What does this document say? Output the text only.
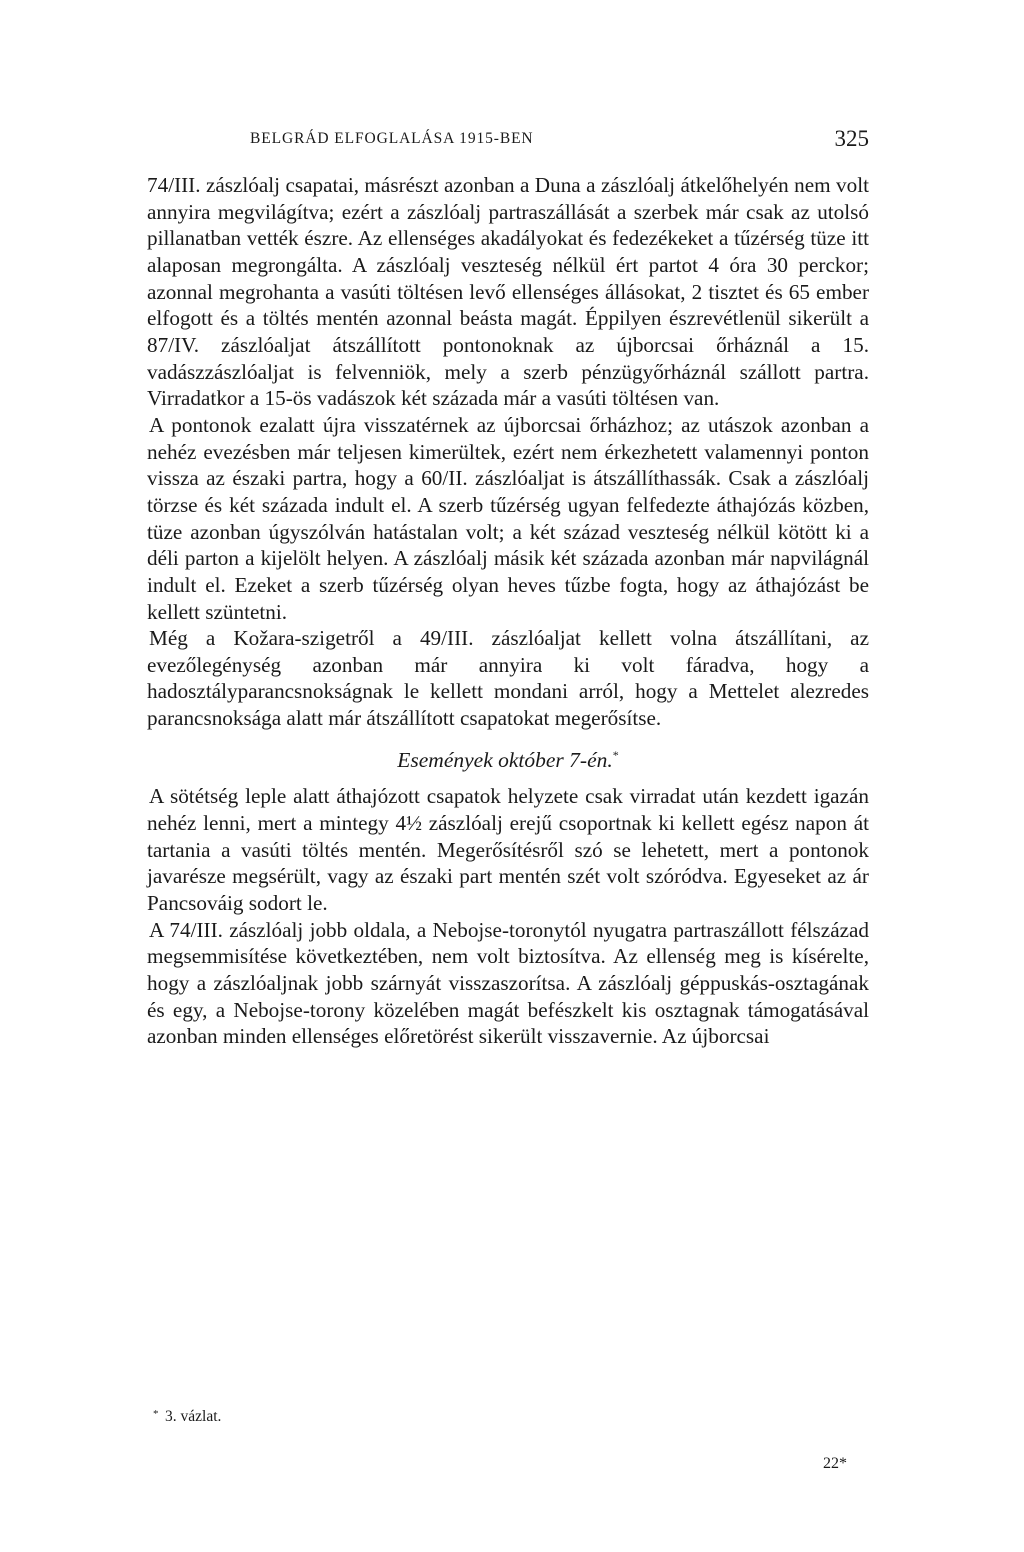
BELGRÁD ELFOGLALÁSA 1915-BEN	325

74/III. zászlóalj csapatai, másrészt azonban a Duna a zászlóalj átkelőhelyén nem volt annyira megvilágítva; ezért a zászlóalj partraszállását a szerbek már csak az utolsó pillanatban vették észre. Az ellenséges akadályokat és fedezékeket a tűzérség tüze itt alaposan megrongálta. A zászlóalj veszteség nélkül ért partot 4 óra 30 perckor; azonnal megrohanta a vasúti töltésen levő ellenséges állásokat, 2 tisztet és 65 ember elfogott és a töltés mentén azonnal beásta magát. Éppilyen észrevétlenül sikerült a 87/IV. zászlóaljat átszállított pontonoknak az újborcsai őrháznál a 15. vadászzászlóaljat is felvenniök, mely a szerb pénzügyőrháznál szállott partra. Virradatkor a 15-ös vadászok két százada már a vasúti töltésen van.

A pontonok ezalatt újra visszatérnek az újborcsai őrházhoz; az utászok azonban a nehéz evezésben már teljesen kimerültek, ezért nem érkezhetett valamennyi ponton vissza az északi partra, hogy a 60/II. zászlóaljat is átszállíthassák. Csak a zászlóalj törzse és két százada indult el. A szerb tűzérség ugyan felfedezte áthajózás közben, tüze azonban úgyszólván hatástalan volt; a két század veszteség nélkül kötött ki a déli parton a kijelölt helyen. A zászlóalj másik két százada azonban már napvilágnál indult el. Ezeket a szerb tűzérség olyan heves tűzbe fogta, hogy az áthajózást be kellett szüntetni.

Még a Kožara-szigetről a 49/III. zászlóaljat kellett volna átszállítani, az evezőlegénység azonban már annyira ki volt fáradva, hogy a hadosztályparancsnokságnak le kellett mondani arról, hogy a Mettelet alezredes parancsnoksága alatt már átszállított csapatokat megerősítse.

Események október 7-én.*

A sötétség leple alatt áthajózott csapatok helyzete csak virradat után kezdett igazán nehéz lenni, mert a mintegy 4½ zászlóalj erejű csoportnak ki kellett egész napon át tartania a vasúti töltés mentén. Megerősítésről szó se lehetett, mert a pontonok javarésze megsérült, vagy az északi part mentén szét volt szóródva. Egyeseket az ár Pancsováig sodort le.

A 74/III. zászlóalj jobb oldala, a Nebojse-toronytól nyugatra partraszállott félszázad megsemmisítése következtében, nem volt biztosítva. Az ellenség meg is kísérelte, hogy a zászlóaljnak jobb szárnyát visszaszorítsa. A zászlóalj géppuskás-osztagának és egy, a Nebojse-torony közelében magát befészkelt kis osztagnak támogatásával azonban minden ellenséges előretörést sikerült visszavernie. Az újborcsai

* 3. vázlat.
22*
